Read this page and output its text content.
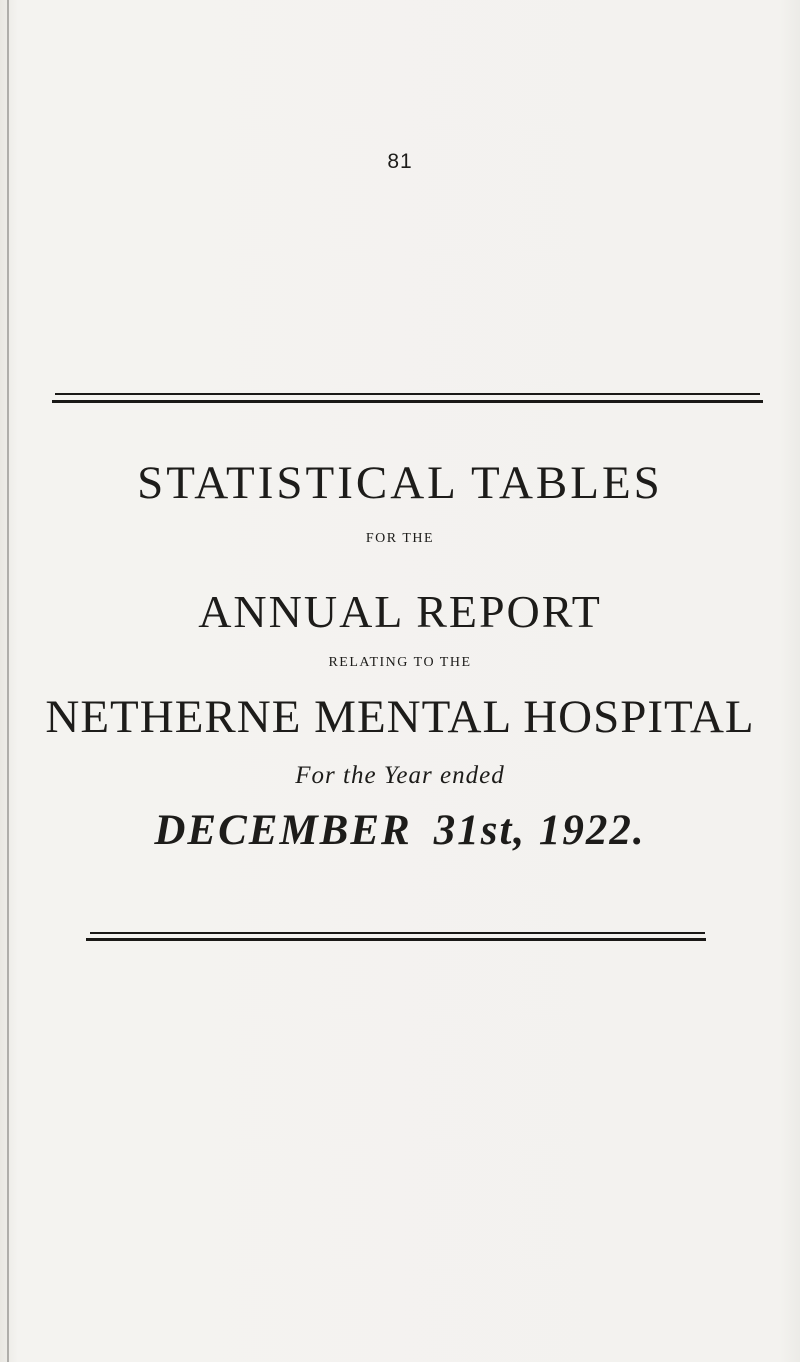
81
STATISTICAL TABLES
FOR THE
ANNUAL REPORT
RELATING TO THE
NETHERNE MENTAL HOSPITAL
For the Year ended
DECEMBER 31st, 1922.
